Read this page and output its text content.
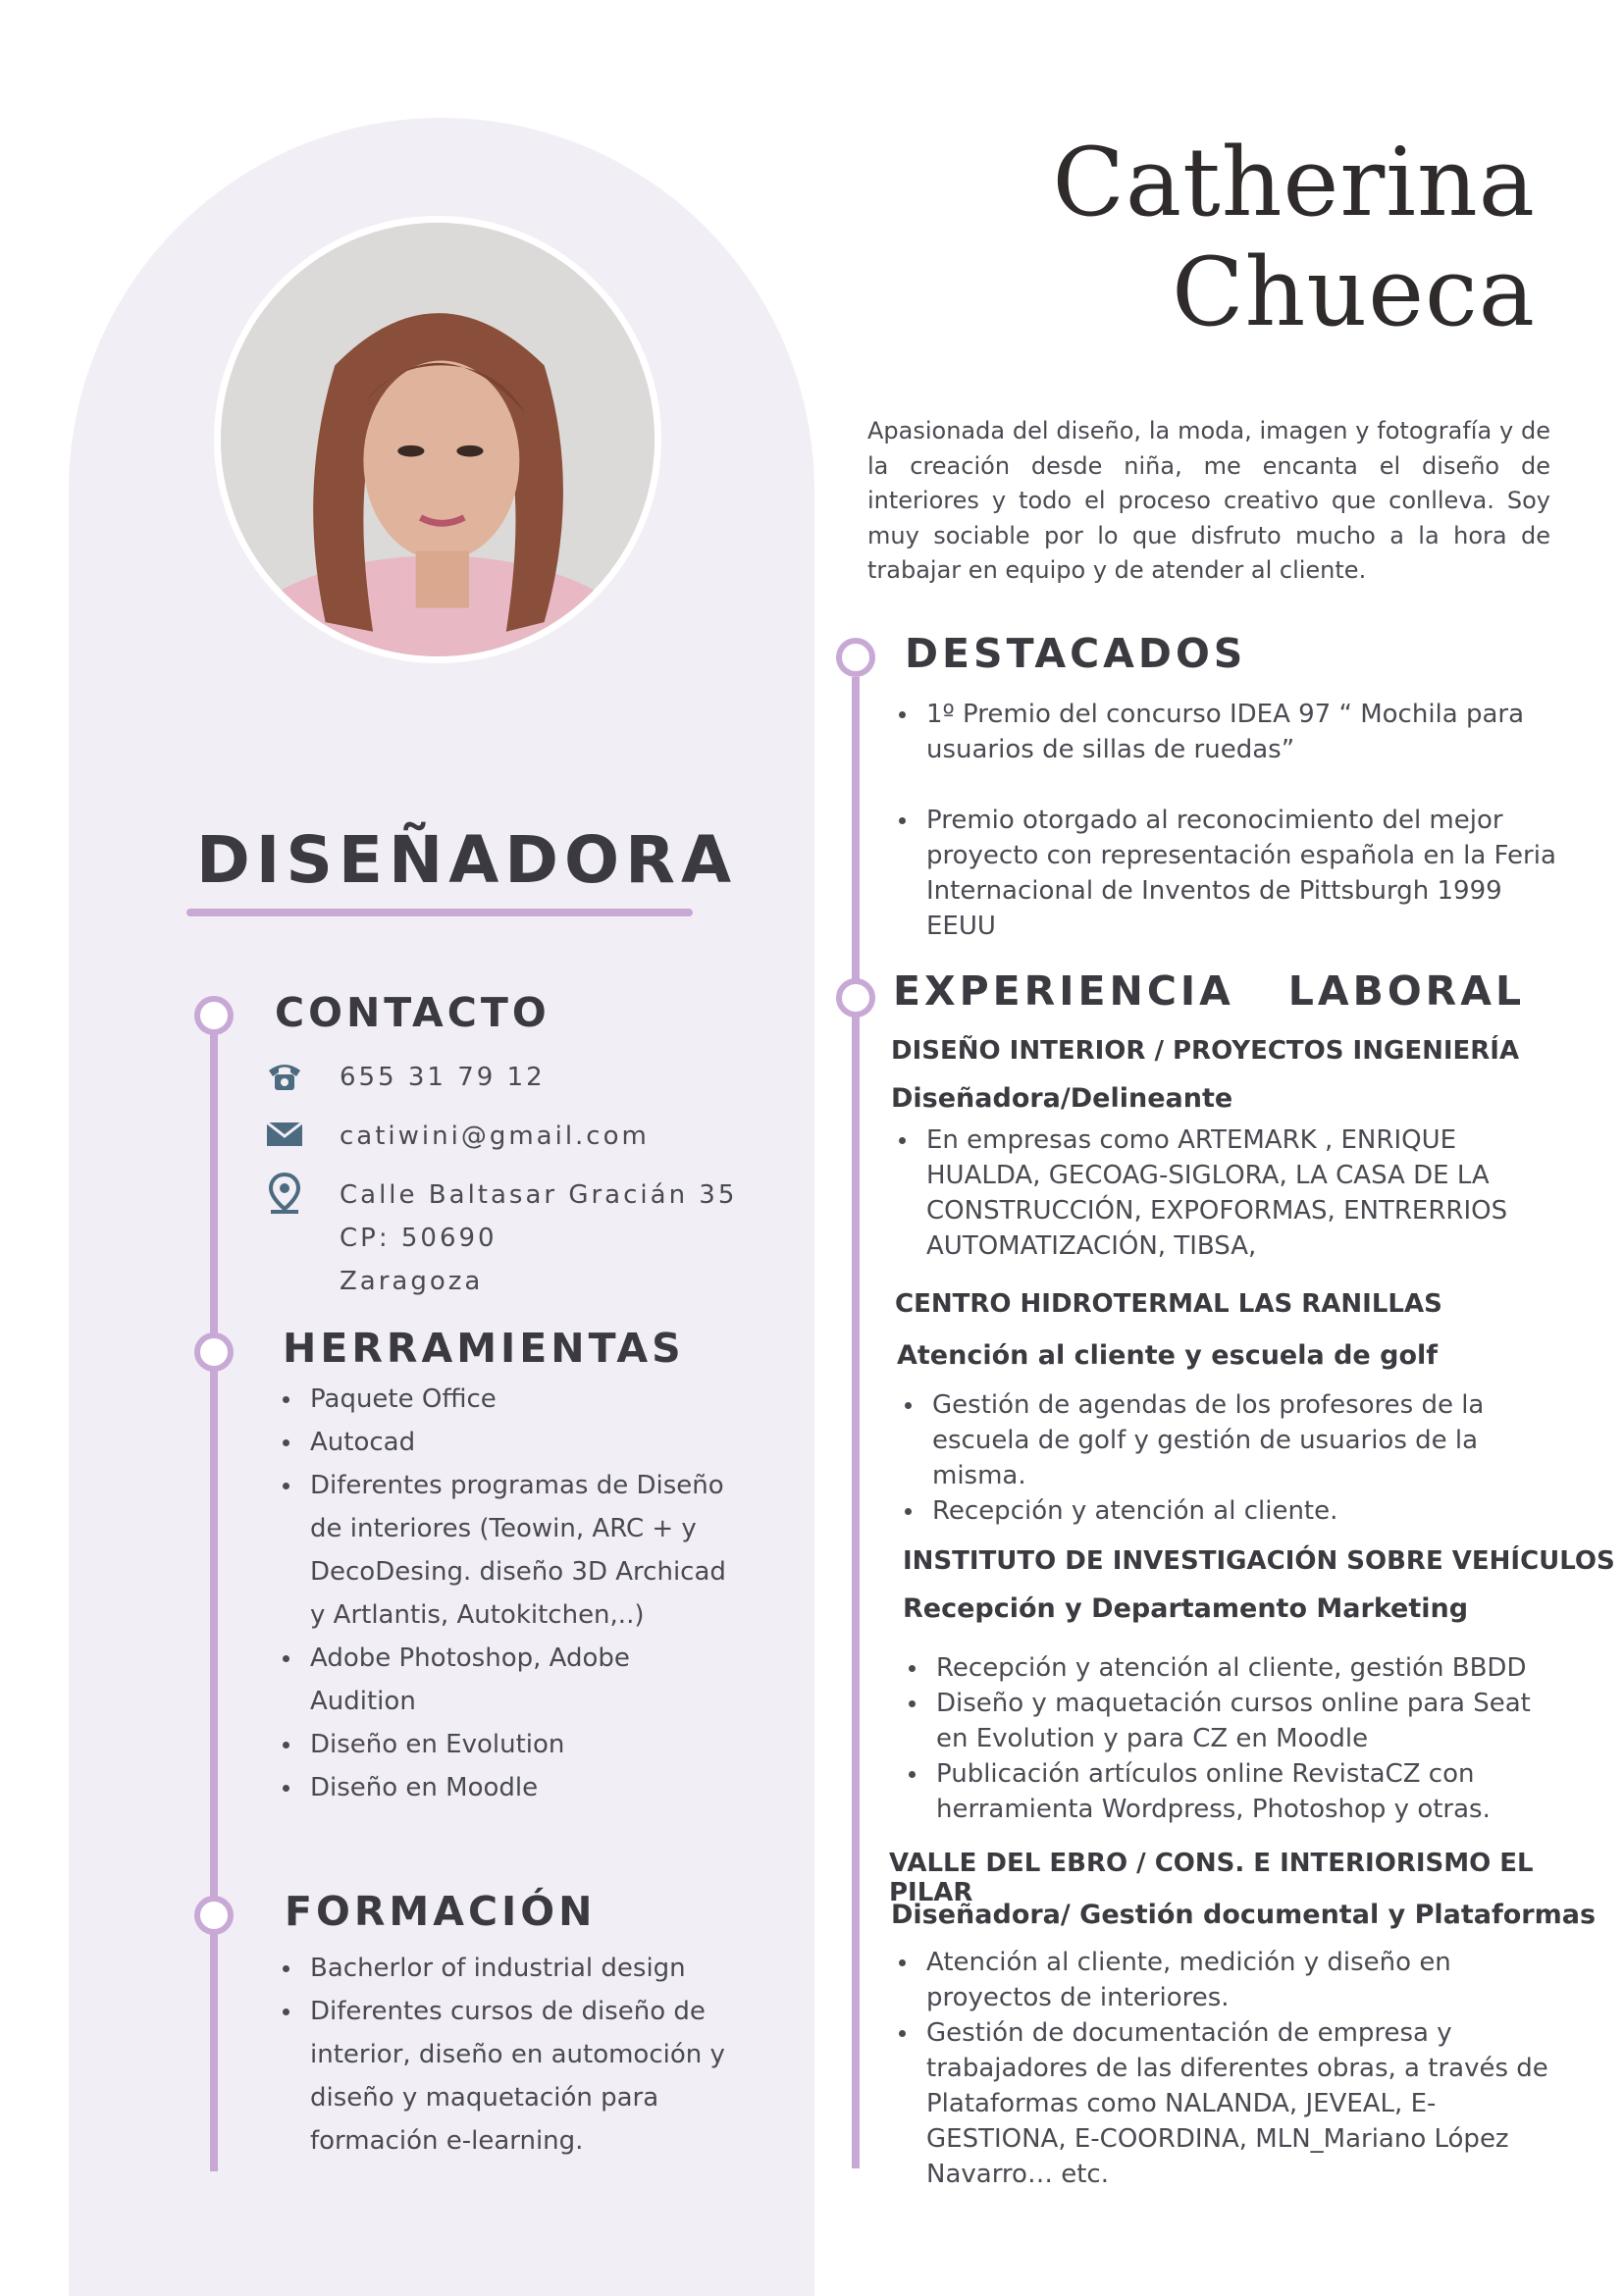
Catherina
Chueca
Apasionada del diseño, la moda, imagen y fotografía y de la creación desde niña, me encanta el diseño de interiores y todo el proceso creativo que conlleva. Soy muy sociable por lo que disfruto mucho a la hora de trabajar en equipo y de atender al cliente.
DISEÑADORA
CONTACTO
655 31 79 12
catiwini@gmail.com
Calle Baltasar Gracián 35
CP: 50690
Zaragoza
HERRAMIENTAS
Paquete Office
Autocad
Diferentes programas de Diseño de interiores (Teowin, ARC + y DecoDesing. diseño 3D Archicad y Artlantis, Autokitchen,..)
Adobe Photoshop, Adobe Audition
Diseño en Evolution
Diseño en Moodle
FORMACIÓN
Bacherlor of industrial design
Diferentes cursos de diseño de interior, diseño en automoción y diseño y maquetación para formación e-learning.
DESTACADOS
1º Premio del concurso IDEA 97 “ Mochila para usuarios de sillas de ruedas”
Premio otorgado al reconocimiento del mejor proyecto con representación española en la Feria Internacional de Inventos de Pittsburgh 1999 EEUU
EXPERIENCIA   LABORAL
DISEÑO INTERIOR / PROYECTOS INGENIERÍA
Diseñadora/Delineante
En empresas como ARTEMARK , ENRIQUE HUALDA, GECOAG-SIGLORA, LA CASA DE LA CONSTRUCCIÓN, EXPOFORMAS, ENTRERRIOS AUTOMATIZACIÓN, TIBSA,
CENTRO HIDROTERMAL LAS RANILLAS
Atención al cliente y escuela de golf
Gestión de agendas de los profesores de la escuela de golf y gestión de usuarios de la misma.
Recepción y atención al cliente.
INSTITUTO DE INVESTIGACIÓN SOBRE VEHÍCULOS
Recepción y Departamento Marketing
Recepción y atención al cliente, gestión BBDD
Diseño y maquetación cursos online para Seat en Evolution y para CZ en Moodle
Publicación artículos online RevistaCZ con herramienta Wordpress, Photoshop y otras.
VALLE DEL EBRO / CONS. E INTERIORISMO EL PILAR
Diseñadora/ Gestión documental y Plataformas
Atención al cliente, medición y diseño en proyectos de interiores.
Gestión de documentación de empresa y trabajadores de las diferentes obras, a través de Plataformas como NALANDA, JEVEAL, E-GESTIONA, E-COORDINA, MLN_Mariano López Navarro… etc.
